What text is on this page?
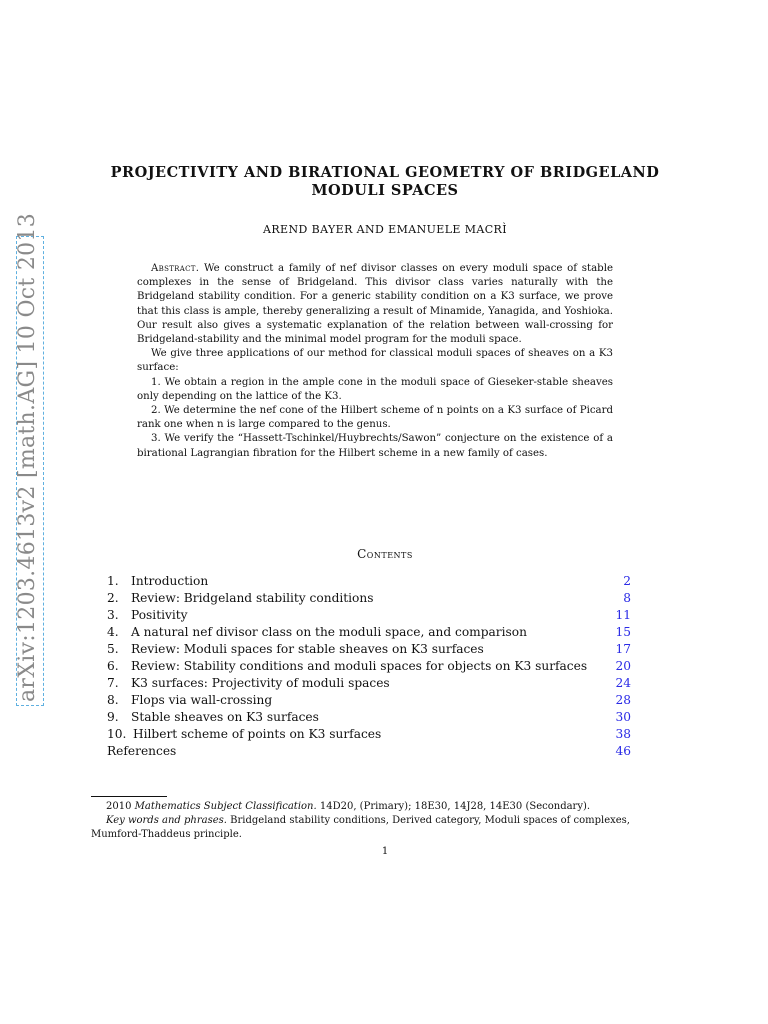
arXiv:1203.4613v2 [math.AG] 10 Oct 2013
PROJECTIVITY AND BIRATIONAL GEOMETRY OF BRIDGELAND
MODULI SPACES
AREND BAYER AND EMANUELE MACRÌ

Abstract. We construct a family of nef divisor classes on every moduli space of stable complexes in the sense of Bridgeland. This divisor class varies naturally with the Bridgeland stability condition. For a generic stability condition on a K3 surface, we prove that this class is ample, thereby generalizing a result of Minamide, Yanagida, and Yoshioka. Our result also gives a systematic explanation of the relation between wall-crossing for Bridgeland-stability and the minimal model program for the moduli space.

We give three applications of our method for classical moduli spaces of sheaves on a K3 surface:

1. We obtain a region in the ample cone in the moduli space of Gieseker-stable sheaves only depending on the lattice of the K3.

2. We determine the nef cone of the Hilbert scheme of n points on a K3 surface of Picard rank one when n is large compared to the genus.

3. We verify the “Hassett-Tschinkel/Huybrechts/Sawon” conjecture on the existence of a birational Lagrangian fibration for the Hilbert scheme in a new family of cases.

Contents
1.	Introduction	2
2.	Review: Bridgeland stability conditions	8
3.	Positivity	11
4.	A natural nef divisor class on the moduli space, and comparison	15
5.	Review: Moduli spaces for stable sheaves on K3 surfaces	17
6.	Review: Stability conditions and moduli spaces for objects on K3 surfaces	20
7.	K3 surfaces: Projectivity of moduli spaces	24
8.	Flops via wall-crossing	28
9.	Stable sheaves on K3 surfaces	30
10. Hilbert scheme of points on K3 surfaces	38
References	46

2010 Mathematics Subject Classification. 14D20, (Primary); 18E30, 14J28, 14E30 (Secondary).

Key words and phrases. Bridgeland stability conditions, Derived category, Moduli spaces of complexes, Mumford-Thaddeus principle.

1
